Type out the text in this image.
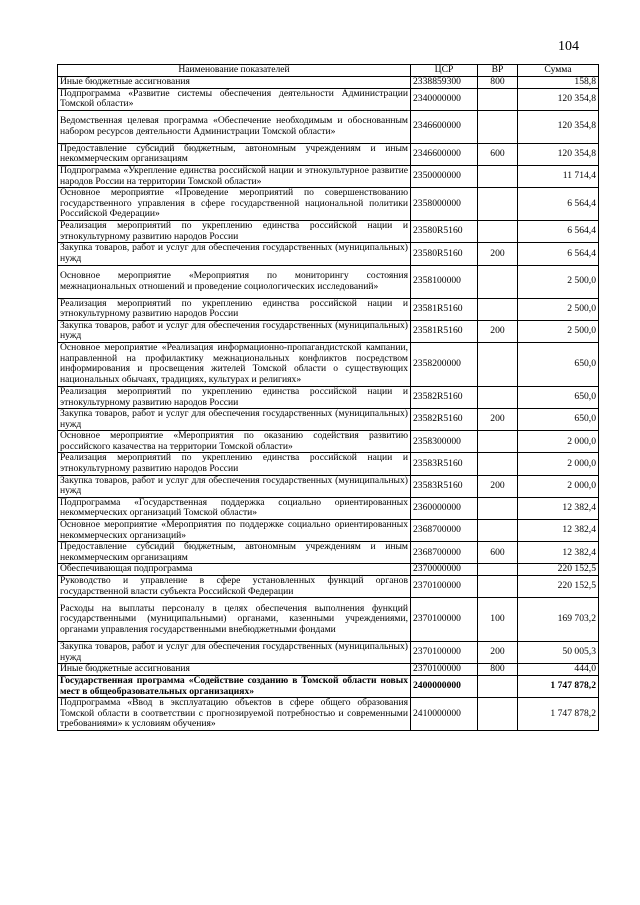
104
Наименование показателей	ЦСР	ВР	Сумма
Иные бюджетные ассигнования	2338859300	800	158,8
Подпрограмма «Развитие системы обеспечения деятельности Администрации Томской области»	2340000000		120 354,8
Ведомственная целевая программа «Обеспечение необходимым и обоснованным набором ресурсов деятельности Администрации Томской области»	2346600000		120 354,8
Предоставление субсидий бюджетным, автономным учреждениям и иным некоммерческим организациям	2346600000	600	120 354,8
Подпрограмма «Укрепление единства российской нации и этнокультурное развитие народов России на территории Томской области»	2350000000		11 714,4
Основное мероприятие «Проведение мероприятий по совершенствованию государственного управления в сфере государственной национальной политики Российской Федерации»	2358000000		6 564,4
Реализация мероприятий по укреплению единства российской нации и этнокультурному развитию народов России	23580R5160		6 564,4
Закупка товаров, работ и услуг для обеспечения государственных (муниципальных) нужд	23580R5160	200	6 564,4
Основное мероприятие «Мероприятия по мониторингу состояния межнациональных отношений и проведение социологических исследований»	2358100000		2 500,0
Реализация мероприятий по укреплению единства российской нации и этнокультурному развитию народов России	23581R5160		2 500,0
Закупка товаров, работ и услуг для обеспечения государственных (муниципальных) нужд	23581R5160	200	2 500,0
Основное мероприятие «Реализация информационно-пропагандистской кампании, направленной на профилактику межнациональных конфликтов посредством информирования и просвещения жителей Томской области о существующих национальных обычаях, традициях, культурах и религиях»	2358200000		650,0
Реализация мероприятий по укреплению единства российской нации и этнокультурному развитию народов России	23582R5160		650,0
Закупка товаров, работ и услуг для обеспечения государственных (муниципальных) нужд	23582R5160	200	650,0
Основное мероприятие «Мероприятия по оказанию содействия развитию российского казачества на территории Томской области»	2358300000		2 000,0
Реализация мероприятий по укреплению единства российской нации и этнокультурному развитию народов России	23583R5160		2 000,0
Закупка товаров, работ и услуг для обеспечения государственных (муниципальных) нужд	23583R5160	200	2 000,0
Подпрограмма «Государственная поддержка социально ориентированных некоммерческих организаций Томской области»	2360000000		12 382,4
Основное мероприятие «Мероприятия по поддержке социально ориентированных некоммерческих организаций»	2368700000		12 382,4
Предоставление субсидий бюджетным, автономным учреждениям и иным некоммерческим организациям	2368700000	600	12 382,4
Обеспечивающая подпрограмма	2370000000		220 152,5
Руководство и управление в сфере установленных функций органов государственной власти субъекта Российской Федерации	2370100000		220 152,5
Расходы на выплаты персоналу в целях обеспечения выполнения функций государственными (муниципальными) органами, казенными учреждениями, органами управления государственными внебюджетными фондами	2370100000	100	169 703,2
Закупка товаров, работ и услуг для обеспечения государственных (муниципальных) нужд	2370100000	200	50 005,3
Иные бюджетные ассигнования	2370100000	800	444,0
Государственная программа «Содействие созданию в Томской области новых мест в общеобразовательных организациях»	2400000000		1 747 878,2
Подпрограмма «Ввод в эксплуатацию объектов в сфере общего образования Томской области в соответствии с прогнозируемой потребностью и современными требованиями» к условиям обучения»	2410000000		1 747 878,2
